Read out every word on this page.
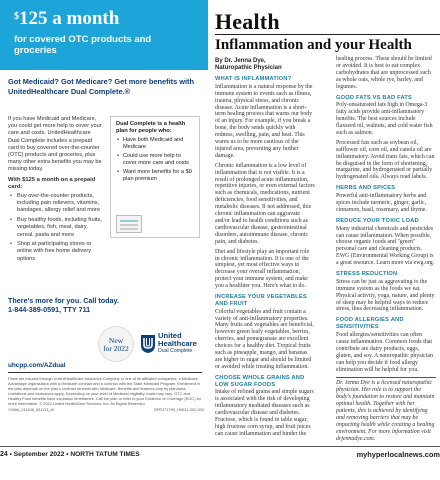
$125 a month
for covered OTC products and groceries
Got Medicaid? Got Medicare? Get more benefits with UnitedHealthcare Dual Complete.®
If you have Medicaid and Medicare, you could get more help to cover your care and costs. UnitedHealthcare Dual Complete includes a prepaid card to buy covered over-the-counter (OTC) products and groceries, plus many other extra benefits you may be missing today.
With $125 a month on a prepaid card:
• Buy over-the-counter products, including pain relievers, vitamins, bandages, allergy relief and more
• Buy healthy foods, including fruits, vegetables, fish, meat, dairy, cereal, pasta and more
• Shop at participating stores or online with free home delivery options
Dual Complete is a health plan for people who:
• Have both Medicaid and Medicare
• Could use more help to cover more care and costs
• Want more benefits for a $0 plan premium
There's more for you. Call today.
1-844-389-0591, TTY 711
New
for 2022
United
Healthcare
Dual Complete
uhcpp.com/AZdual
Plans are insured through UnitedHealthcare Insurance Company or one of its affiliated companies, a Medicare Advantage organization with a Medicare contract and a contract with the State Medicaid Program. Enrollment in the plan depends on the plan's contract renewal with Medicare. Benefits and features vary by plan/area. Limitations and exclusions apply. Depending on your level of Medicaid eligibility, costs may vary. OTC and Healthy Food benefits have expiration timeframes. Call the plan or refer to your Evidence of Coverage (EOC) for more information. © 2022 United HealthCare Services, Inc. All Rights Reserved.
Y0066_211108_021113_M	SPRJ71799_H0021-002-000
Health
Inflammation and your Health
By Dr. Jenna Dye,
Naturopathic Physician
WHAT IS INFLAMMATION?

Inflammation is a natural response by the immune system to events such as illness, trauma, physical stress, and chronic disease. Acute inflammation is a short-term healing process that warns our body of an injury. For example, if you break a bone, the body sends quickly with redness, swelling, pain, and heat. This warns us to be more cautious of the injured area, preventing any further damage.

Chronic inflammation is a low level of inflammation that is not visible. It is a result of prolonged acute inflammation, repetitive injuries, or even external factors such as chemicals, medications, nutrient deficiencies, food sensitivities, and metabolic diseases. If not addressed, this chronic inflammation can aggravate and/or lead to health conditions such as cardiovascular disease, gastrointestinal disorders, autoimmune disease, chronic pain, and diabetes.

Diet and lifestyle play an important role in chronic inflammation. It is one of the simplest, yet most effective ways to decrease your overall inflammation, protect your immune system, and make you a healthier you. Here's what to do.

INCREASE YOUR VEGETABLES AND FRUIT

Colorful vegetables and fruit contain a variety of anti-inflammatory properties. Many fruits and vegetables are beneficial, however green leafy vegetables, berries, cherries, and pomegranate are excellent choices for a healthy diet. Tropical fruits such as pineapple, mango, and bananas are higher in sugar and should be limited or avoided while treating inflammation.

CHOOSE WHOLE GRAINS AND LOW SUGAR FOODS

Intake of refined grains and simple sugars is associated with the risk of developing inflammatory mediated diseases such as cardiovascular disease and diabetes. Fructose, which is found in table sugar, high fructose corn syrup, and fruit juices can cause inflammation and hinder the

healing process. These should be limited or avoided. It is best to eat complex carbohydrates that are unprocessed such as whole oats, whole rye, barley, and legumes.

GOOD FATS VS BAD FATS

Poly-unsaturated fats high in Omega-3 fatty acids provide anti-inflammatory benefits. The best sources include flaxseed oil, walnuts, and cold water fish such as salmon.

Processed fats such as soybean oil, safflower oil, corn oil, and canola oil are inflammatory. Avoid trans fats, which can be disguised in the form of shortening, margarine, and hydrogenated or partially hydrogenated oils. Always read labels.

HERBS AND SPICES

Powerful anti-inflammatory herbs and spices include turmeric, ginger, garlic, cinnamon, basil, rosemary, and thyme.

REDUCE YOUR TOXIC LOAD

Many industrial chemicals and pesticides can cause inflammation. When possible, choose organic foods and "green" personal care and cleaning products. EWG (Environmental Working Group) is a great resource. Learn more via ewg.org.

STRESS REDUCTION

Stress can be just as aggravating to the immune system as the foods we eat. Physical activity, yoga, nature, and plenty of sleep may be helpful ways to reduce stress, thus decreasing inflammation.

FOOD ALLERGIES AND SENSITIVITIES

Food allergies/sensitivities can often cause inflammation. Common foods that contribute are dairy products, eggs, gluten, and soy. A naturopathic physician can help you decide if food allergy elimination will be helpful for you.

Dr. Jenna Dye is a licensed naturopathic physician. Her role is to support the body's foundation to restore and maintain optimal health. Together with her patients, this is achieved by identifying and removing barriers that may be impacting health while creating a healing environment. For more information visit drjennadye.com.

24 • September 2022 • NORTH TATUM TIMES	myhyperlocalnews.com
